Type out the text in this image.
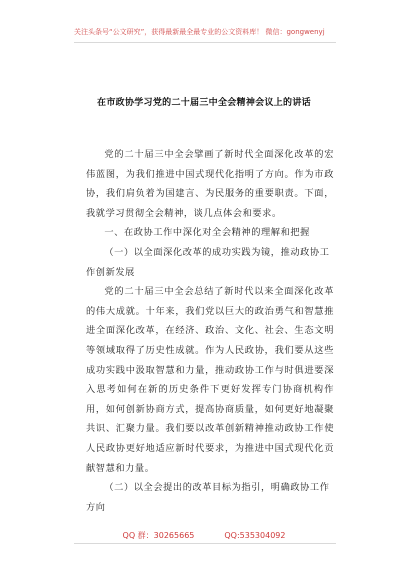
关注头条号“公文研究”，获得最新最全最专业的公文资料库！ 微信：gongwenyj
在市政协学习党的二十届三中全会精神会议上的讲话

党的二十届三中全会擘画了新时代全面深化改革的宏伟蓝图，为我们推进中国式现代化指明了方向。作为市政协，我们肩负着为国建言、为民服务的重要职责。下面，我就学习贯彻全会精神，谈几点体会和要求。

一、在政协工作中深化对全会精神的理解和把握

（一）以全面深化改革的成功实践为镜，推动政协工作创新发展

党的二十届三中全会总结了新时代以来全面深化改革的伟大成就。十年来，我们党以巨大的政治勇气和智慧推进全面深化改革，在经济、政治、文化、社会、生态文明等领域取得了历史性成就。作为人民政协，我们要从这些成功实践中汲取智慧和力量，推动政协工作与时俱进要深入思考如何在新的历史条件下更好发挥专门协商机构作用，如何创新协商方式，提高协商质量，如何更好地凝聚共识、汇聚力量。我们要以改革创新精神推动政协工作使人民政协更好地适应新时代要求，为推进中国式现代化贡献智慧和力量。

（二）以全会提出的改革目标为指引，明确政协工作方向

QQ 群：30265665	QQ:535304092
